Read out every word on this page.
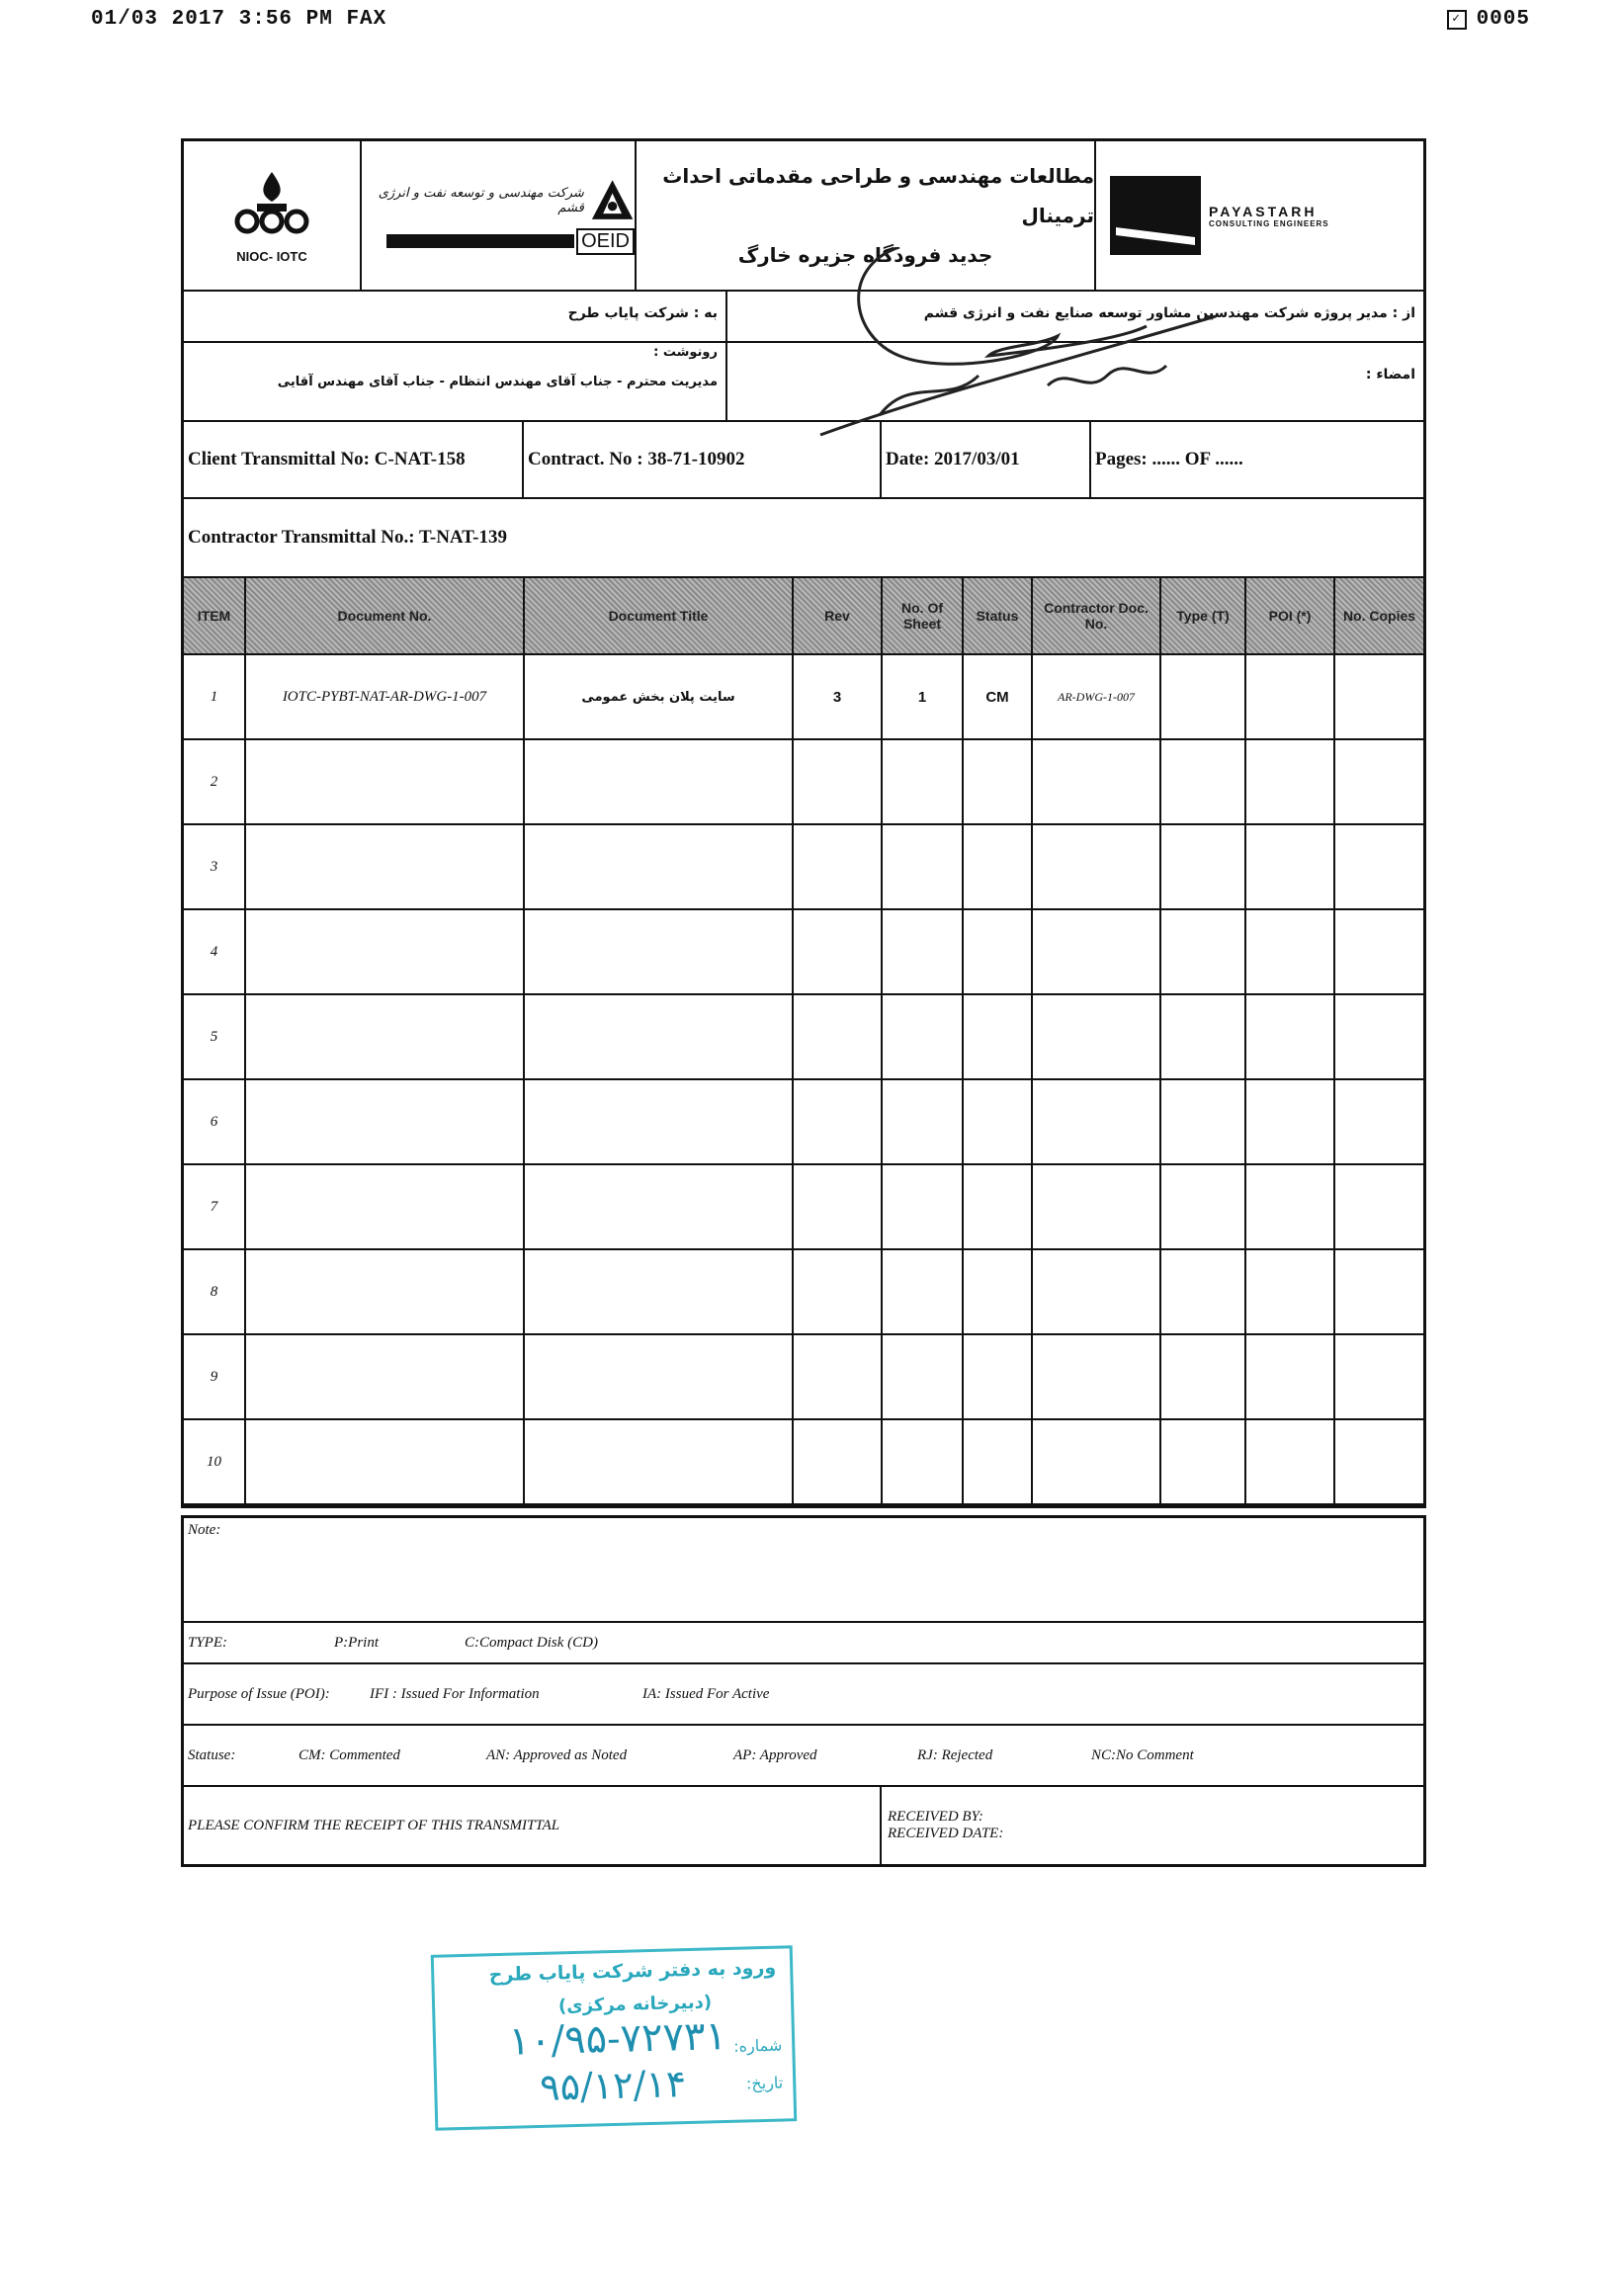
01/03 2017 3:56 PM FAX	✓ 0005
NIOC- IOTC
شرکت مهندسی و توسعه نفت و انرژی قشم
OEID
مطالعات مهندسی و طراحی مقدماتی احداث ترمینال
جدید فرودگاه جزیره خارگ
PAYASTARH
CONSULTING ENGINEERS
از : مدیر پروژه شرکت مهندسین مشاور توسعه صنایع نفت و انرژی قشم
به : شرکت پایاب طرح
امضاء :
رونوشت :
مدیریت محترم - جناب آقای مهندس انتظام - جناب آقای مهندس آقایی
Client Transmittal No: C-NAT-158	Contract. No : 38-71-10902	Date: 2017/03/01	Pages: ...... OF ......
Contractor Transmittal No.: T-NAT-139
ITEM	Document No.	Document Title	Rev	No. Of Sheet	Status	Contractor Doc. No.	Type (T)	POI (*)	No. Copies
1	IOTC-PYBT-NAT-AR-DWG-1-007	سایت پلان بخش عمومی	3	1	CM	AR-DWG-1-007			
2									
3									
4									
5									
6									
7									
8									
9									
10									
Note:
TYPE:	P:Print	C:Compact Disk (CD)
Purpose of Issue (POI):	IFI : Issued For Information	IA: Issued For Active
Statuse:	CM: Commented	AN: Approved as Noted	AP: Approved	RJ: Rejected	NC:No Comment
PLEASE CONFIRM THE RECEIPT OF THIS TRANSMITTAL
RECEIVED BY:
RECEIVED DATE:
ورود به دفتر شرکت پایاب طرح
(دبیرخانه مرکزی)
شماره:
۱۰/۹۵-۷۲۷۳۱
تاریخ:
۹۵/۱۲/۱۴
